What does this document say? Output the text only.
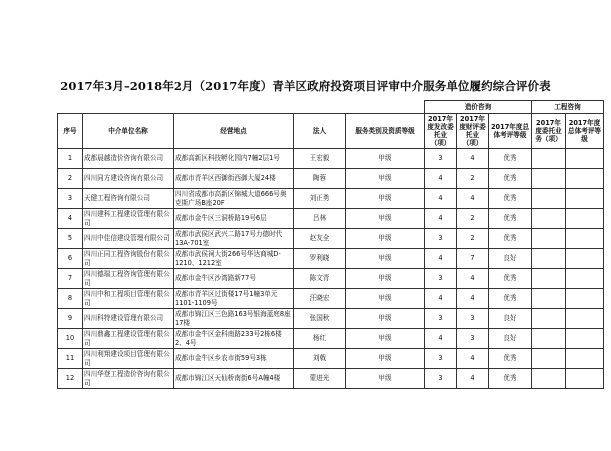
2017年3月–2018年2月（2017年度）青羊区政府投资项目评审中介服务单位履约综合评价表
					造价咨询			工程咨询	
序号	中介单位名称	经营地点	法人	服务类别及资质等级	2017年度发改委托业（项）	2017年度财评委托业（项）	2017年度总体考评等级	2017年度委托业务（项）	2017年度总体考评等级
1	成都晨越造价咨询有限公司	成都高新区科技孵化园内7幢2层1号	王宏毅	甲级	3	4	优秀		
2	四川同方建设咨询有限公司	成都市青羊区西御街西御大厦24楼	陶蓉	甲级	4	2	优秀		
3	天健工程咨询有限公司	四川省成都市高新区锦城大道666号奥克斯广场B座20F	刘正勇	甲级	4	4	优秀		
4	四川建科工程建设管理有限公司	成都市金牛区三洞桥路19号6层	吕林	甲级	4	2	优秀		
5	四川中佳信建设管理有限公司	成都市武侯区武兴二路17号力德时代13A-701室	赵友全	甲级	3	2	优秀		
6	四川正同工程咨询股份有限公司	成都市武侯祠大街266号华达商城D-1210、1212室	罗利晓	甲级	4	7	良好		
7	四川德瑞工程咨询管理有限公司	成都市金牛区沙湾路新77号	陈文青	甲级	3	4	优秀		
8	四川中和工程项目管理有限公司	成都市青羊区过街楼17号1幢3单元1101-1109号	汪晓宏	甲级	4	4	优秀		
9	四川科特建设管理有限公司	成都市锦江区三色路163号银海蓝庭8座17楼	张国秋	甲级	3	3	良好		
10	四川鼎鑫工程建设管理有限公司	成都市金牛区金科南路233号2栋6楼2、4号	杨红	甲级	4	3	良好		
11	四川利翔建设项目管理有限公司	成都市金牛区乡农市街59号3栋	刘戟	甲级	3	4	优秀		
12	四川华登工程造价咨询有限公司	成都市锦江区天仙桥南街6号A幢4楼	蒙进光	甲级	3	4	优秀		
